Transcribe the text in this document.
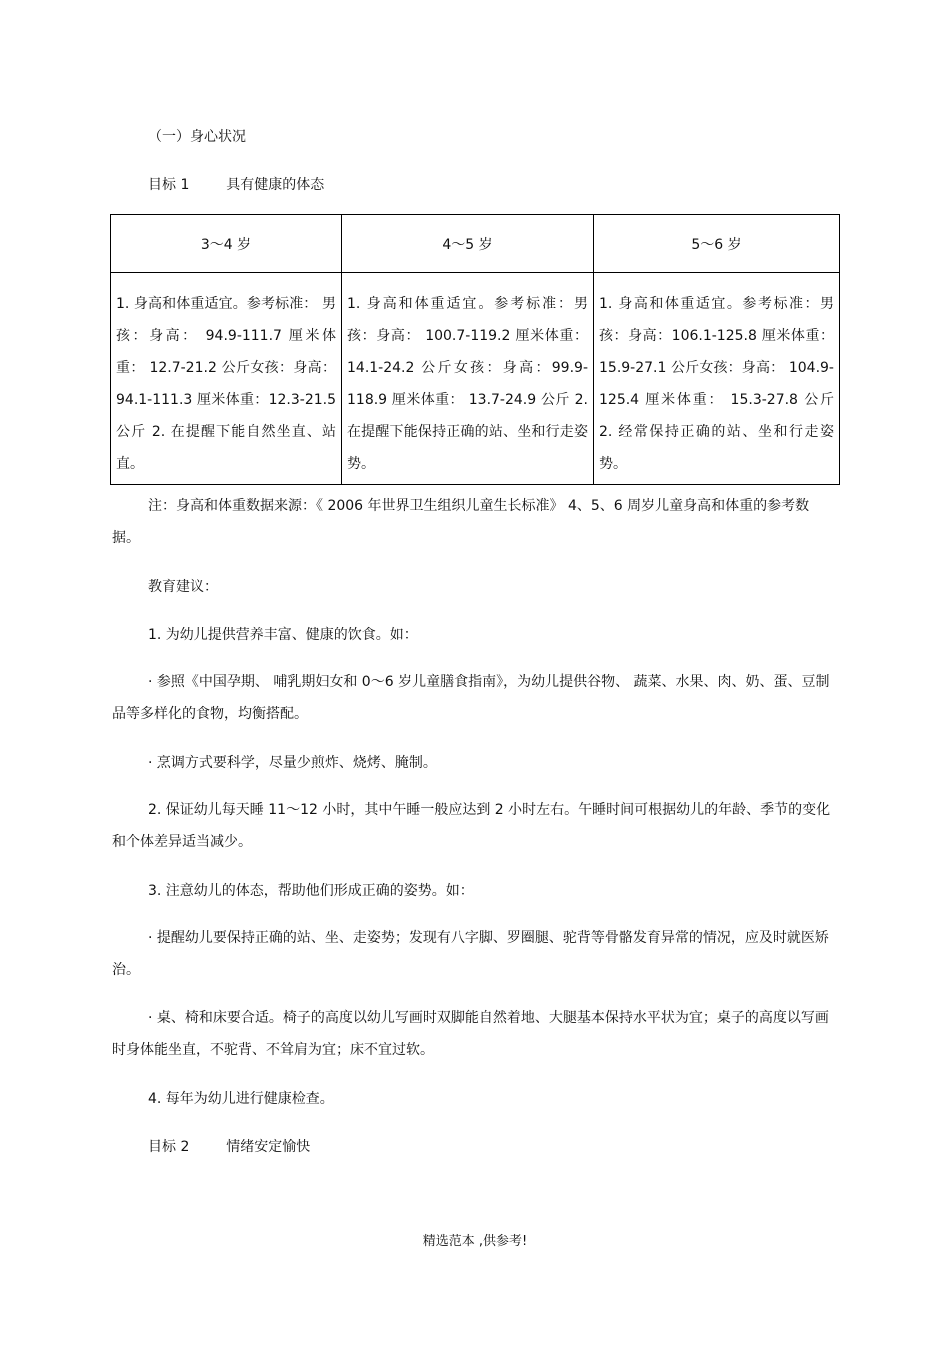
（一）身心状况
目标 1	具有健康的体态
3～4 岁	4～5 岁	5～6 岁

1. 身高和体重适宜。参考标准： 男孩：身高： 94.9-111.7 厘米体重： 12.7-21.2 公斤女孩：身高： 94.1-111.3 厘米体重：12.3-21.5 公斤 2. 在提醒下能自然坐直、站直。	1. 身高和体重适宜。参考标准：男孩：身高： 100.7-119.2 厘米体重：14.1-24.2 公斤女孩：身高：99.9-118.9 厘米体重： 13.7-24.9 公斤 2. 在提醒下能保持正确的站、坐和行走姿势。	1. 身高和体重适宜。参考标准：男孩：身高：106.1-125.8 厘米体重：15.9-27.1 公斤女孩：身高： 104.9-125.4 厘米体重： 15.3-27.8 公斤 2. 经常保持正确的站、坐和行走姿势。
注：身高和体重数据来源：《 2006 年世界卫生组织儿童生长标准》 4、5、6 周岁儿童身高和体重的参考数据。
教育建议：
1. 为幼儿提供营养丰富、健康的饮食。如：
· 参照《中国孕期、 哺乳期妇女和 0～6 岁儿童膳食指南》，为幼儿提供谷物、 蔬菜、水果、肉、奶、蛋、豆制品等多样化的食物，均衡搭配。
· 烹调方式要科学，尽量少煎炸、烧烤、腌制。
2. 保证幼儿每天睡 11～12 小时，其中午睡一般应达到 2 小时左右。午睡时间可根据幼儿的年龄、季节的变化和个体差异适当减少。
3. 注意幼儿的体态，帮助他们形成正确的姿势。如：
· 提醒幼儿要保持正确的站、坐、走姿势；发现有八字脚、罗圈腿、驼背等骨骼发育异常的情况，应及时就医矫治。
· 桌、椅和床要合适。椅子的高度以幼儿写画时双脚能自然着地、大腿基本保持水平状为宜；桌子的高度以写画时身体能坐直，不驼背、不耸肩为宜；床不宜过软。
4. 每年为幼儿进行健康检查。
目标 2	情绪安定愉快
精选范本 ,供参考!
